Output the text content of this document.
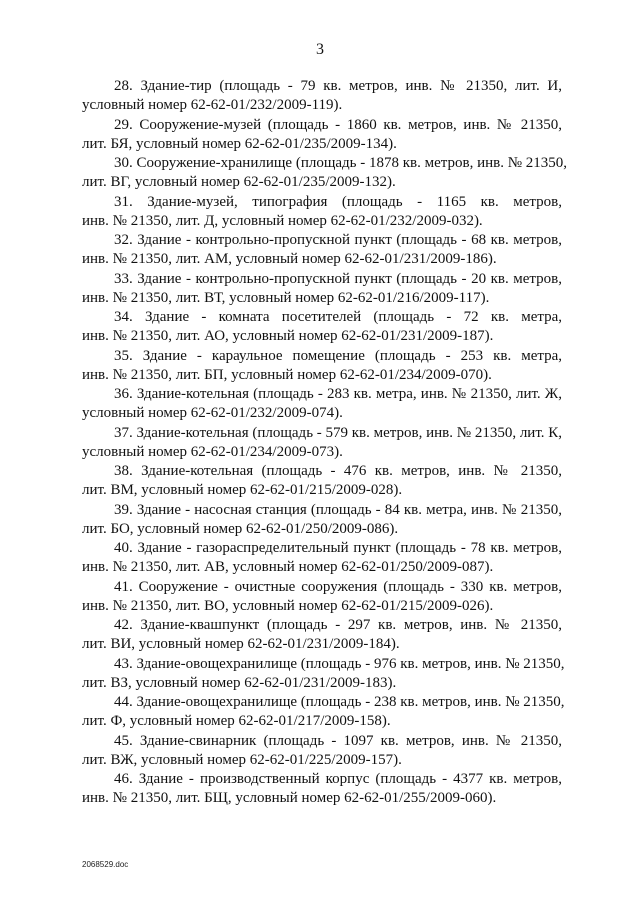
3
28. Здание-тир (площадь - 79 кв. метров, инв. № 21350, лит. И,
условный номер 62-62-01/232/2009-119).
29. Сооружение-музей (площадь - 1860 кв. метров, инв. № 21350,
лит. БЯ, условный номер 62-62-01/235/2009-134).
30. Сооружение-хранилище (площадь - 1878 кв. метров, инв. № 21350,
лит. ВГ, условный номер 62-62-01/235/2009-132).
31. Здание-музей, типография (площадь - 1165 кв. метров,
инв. № 21350, лит. Д, условный номер 62-62-01/232/2009-032).
32. Здание - контрольно-пропускной пункт (площадь - 68 кв. метров,
инв. № 21350, лит. АМ, условный номер 62-62-01/231/2009-186).
33. Здание - контрольно-пропускной пункт (площадь - 20 кв. метров,
инв. № 21350, лит. ВТ, условный номер 62-62-01/216/2009-117).
34. Здание - комната посетителей (площадь - 72 кв. метра,
инв. № 21350, лит. АО, условный номер 62-62-01/231/2009-187).
35. Здание - караульное помещение (площадь - 253 кв. метра,
инв. № 21350, лит. БП, условный номер 62-62-01/234/2009-070).
36. Здание-котельная (площадь - 283 кв. метра, инв. № 21350, лит. Ж,
условный номер 62-62-01/232/2009-074).
37. Здание-котельная (площадь - 579 кв. метров, инв. № 21350, лит. К,
условный номер 62-62-01/234/2009-073).
38. Здание-котельная (площадь - 476 кв. метров, инв. № 21350,
лит. ВМ, условный номер 62-62-01/215/2009-028).
39. Здание - насосная станция (площадь - 84 кв. метра, инв. № 21350,
лит. БО, условный номер 62-62-01/250/2009-086).
40. Здание - газораспределительный пункт (площадь - 78 кв. метров,
инв. № 21350, лит. АВ, условный номер 62-62-01/250/2009-087).
41. Сооружение - очистные сооружения (площадь - 330 кв. метров,
инв. № 21350, лит. ВО, условный номер 62-62-01/215/2009-026).
42. Здание-квашпункт (площадь - 297 кв. метров, инв. № 21350,
лит. ВИ, условный номер 62-62-01/231/2009-184).
43. Здание-овощехранилище (площадь - 976 кв. метров, инв. № 21350,
лит. ВЗ, условный номер 62-62-01/231/2009-183).
44. Здание-овощехранилище (площадь - 238 кв. метров, инв. № 21350,
лит. Ф, условный номер 62-62-01/217/2009-158).
45. Здание-свинарник (площадь - 1097 кв. метров, инв. № 21350,
лит. ВЖ, условный номер 62-62-01/225/2009-157).
46. Здание - производственный корпус (площадь - 4377 кв. метров,
инв. № 21350, лит. БЩ, условный номер 62-62-01/255/2009-060).
2068529.doc
